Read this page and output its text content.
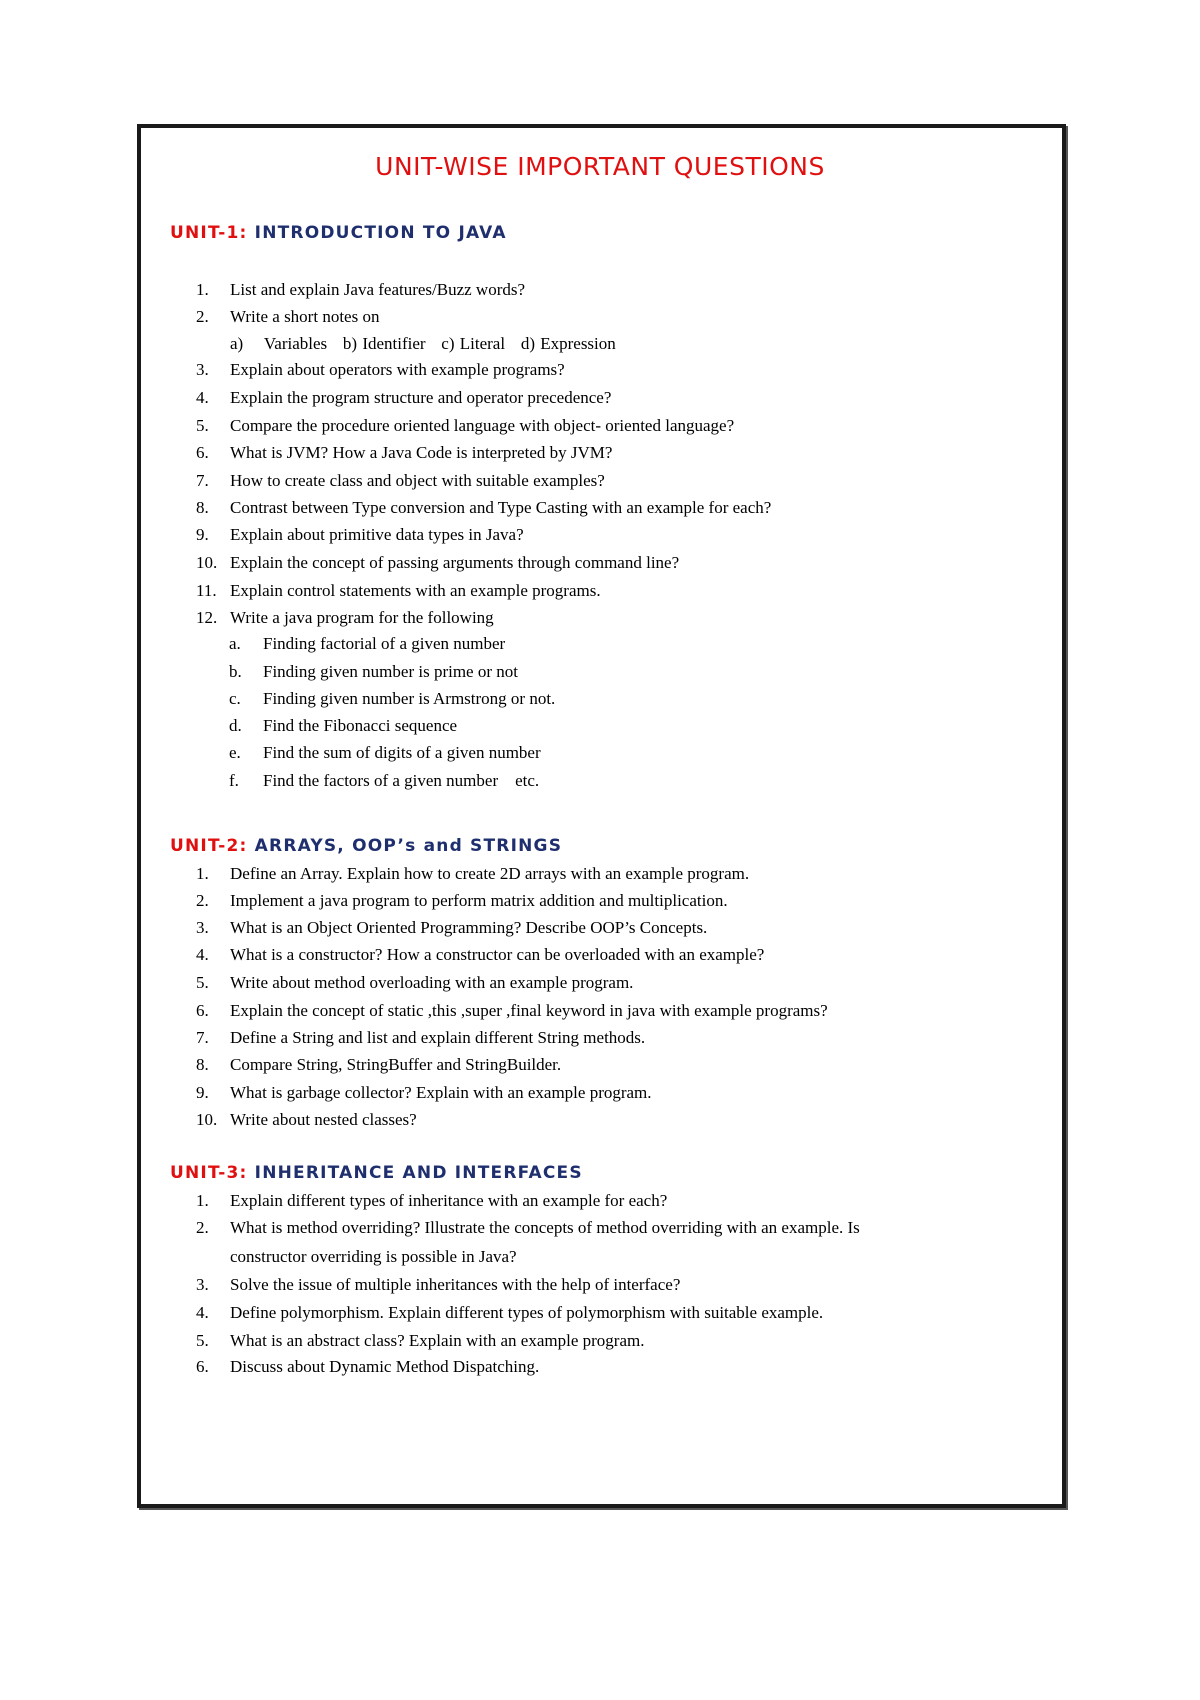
UNIT-WISE IMPORTANT QUESTIONS
UNIT-1: INTRODUCTION TO JAVA
1. List and explain Java features/Buzz words?
2. Write a short notes on
a)    Variables   b) Identifier   c) Literal   d) Expression
3. Explain about operators with example programs?
4. Explain the program structure and operator precedence?
5. Compare the procedure oriented language with object- oriented language?
6. What is JVM? How a Java Code is interpreted by JVM?
7. How to create class and object with suitable examples?
8. Contrast between Type conversion and Type Casting with an example for each?
9. Explain about primitive data types in Java?
10. Explain the concept of passing arguments through command line?
11. Explain control statements with an example programs.
12. Write a java program for the following
a. Finding factorial of a given number
b. Finding given number is prime or not
c. Finding given number is Armstrong or not.
d. Find the Fibonacci sequence
e. Find the sum of digits of a given number
f. Find the factors of a given number    etc.
UNIT-2: ARRAYS, OOP’s and STRINGS
1. Define an Array. Explain how to create 2D arrays with an example program.
2. Implement a java program to perform matrix addition and multiplication.
3. What is an Object Oriented Programming? Describe OOP’s Concepts.
4. What is a constructor? How a constructor can be overloaded with an example?
5. Write about method overloading with an example program.
6. Explain the concept of static ,this ,super ,final keyword in java with example programs?
7. Define a String and list and explain different String methods.
8. Compare String, StringBuffer and StringBuilder.
9. What is garbage collector? Explain with an example program.
10. Write about nested classes?
UNIT-3: INHERITANCE AND INTERFACES
1. Explain different types of inheritance with an example for each?
2. What is method overriding? Illustrate the concepts of method overriding with an example. Is
constructor overriding is possible in Java?
3. Solve the issue of multiple inheritances with the help of interface?
4. Define polymorphism. Explain different types of polymorphism with suitable example.
5. What is an abstract class? Explain with an example program.
6. Discuss about Dynamic Method Dispatching.
